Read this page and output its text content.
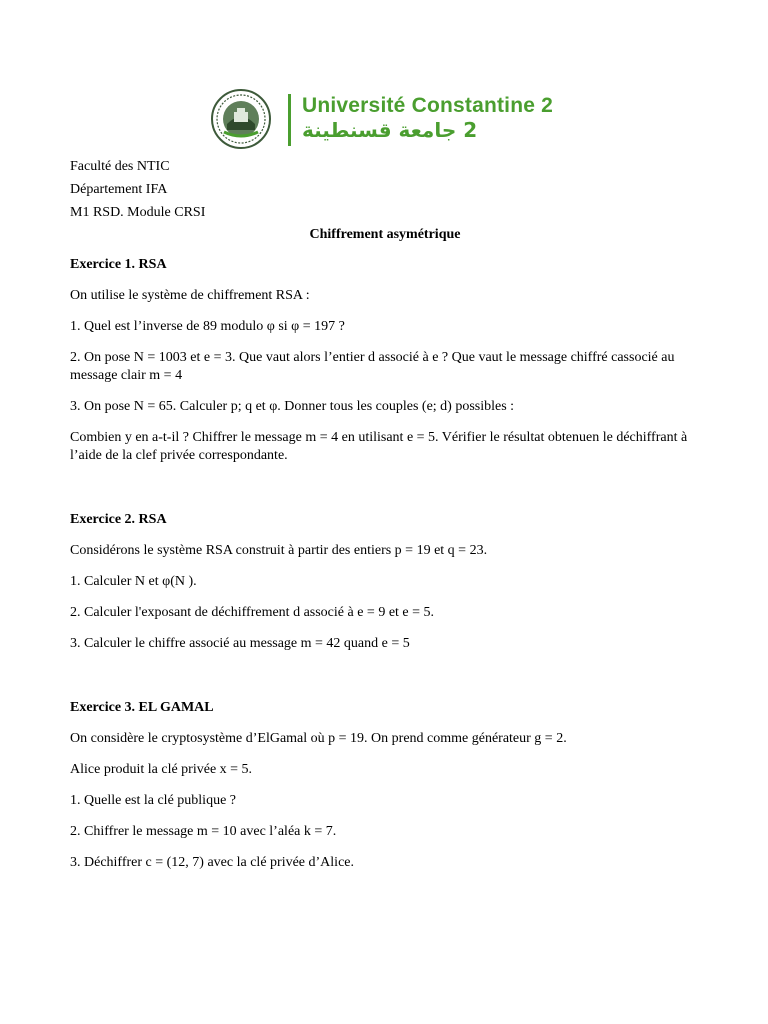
Université Constantine 2
2 جامعة قسنطينة
Faculté des NTIC
Département IFA
M1 RSD. Module CRSI
Chiffrement asymétrique
Exercice 1. RSA
On utilise le système de chiffrement RSA :
1. Quel est l’inverse de 89 modulo φ si φ = 197 ?
2. On pose N = 1003 et e = 3. Que vaut alors l’entier d associé à e ? Que vaut le message chiffré cassocié au message clair m = 4
3. On pose N = 65. Calculer p; q et φ. Donner tous les couples (e; d) possibles :
Combien y en a-t-il ? Chiffrer le message m = 4 en utilisant e = 5. Vérifier le résultat obtenuen le déchiffrant à l’aide de la clef privée correspondante.
Exercice 2. RSA
Considérons le système RSA construit à partir des entiers p = 19 et q = 23.
1. Calculer N et φ(N ).
2. Calculer l'exposant de déchiffrement d associé à e = 9 et e = 5.
3. Calculer le chiffre associé au message m = 42 quand e = 5
Exercice 3. EL GAMAL
On considère le cryptosystème d’ElGamal où p = 19. On prend comme générateur g = 2.
Alice produit la clé privée x = 5.
1. Quelle est la clé publique ?
2. Chiffrer le message m = 10 avec l’aléa k = 7.
3. Déchiffrer c = (12, 7) avec la clé privée d’Alice.
